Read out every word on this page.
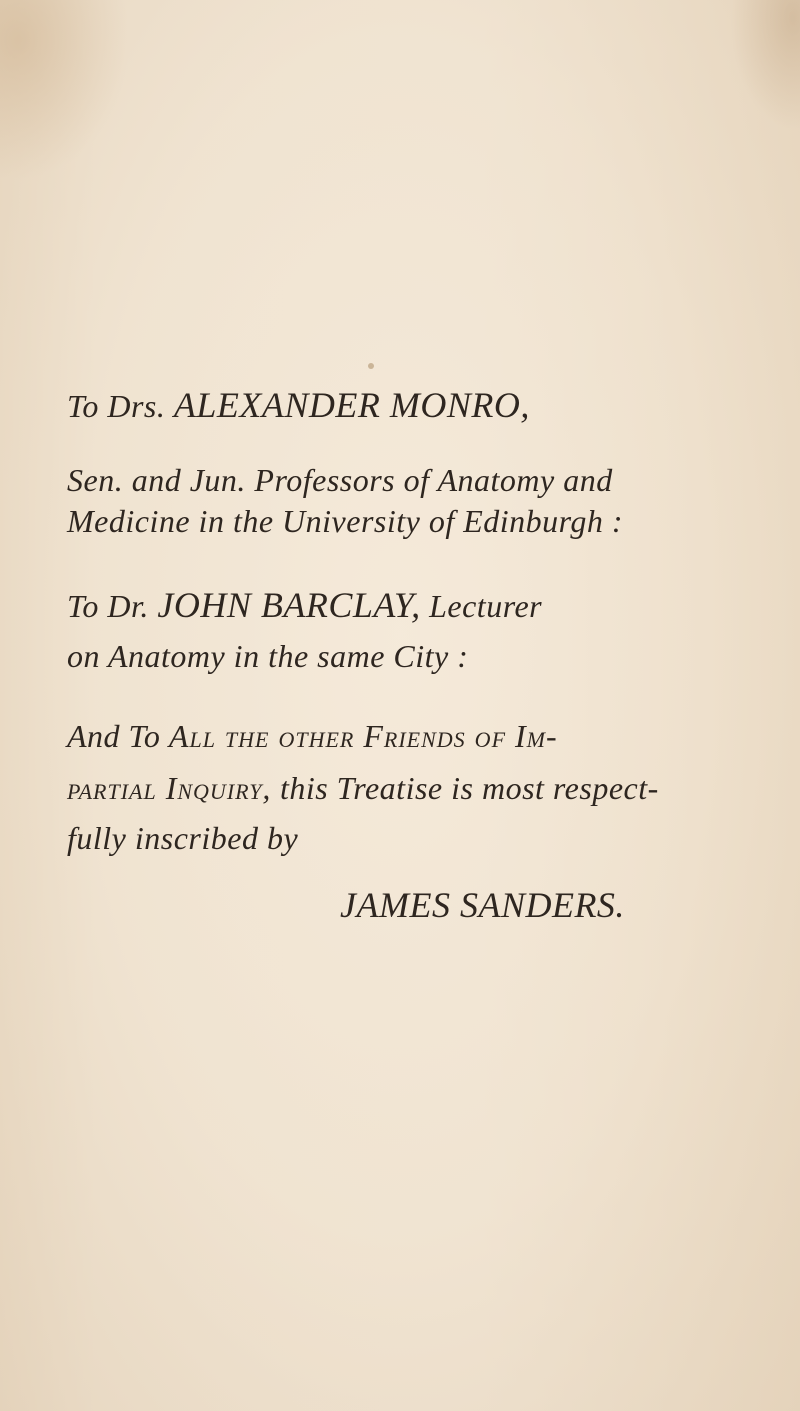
To Drs. ALEXANDER MONRO,
Sen. and Jun. Professors of Anatomy and
Medicine in the University of Edinburgh :
To Dr. JOHN BARCLAY, Lecturer
on Anatomy in the same City :
And To All the other Friends of Im-
partial Inquiry, this Treatise is most respect-
fully inscribed by
JAMES SANDERS.
